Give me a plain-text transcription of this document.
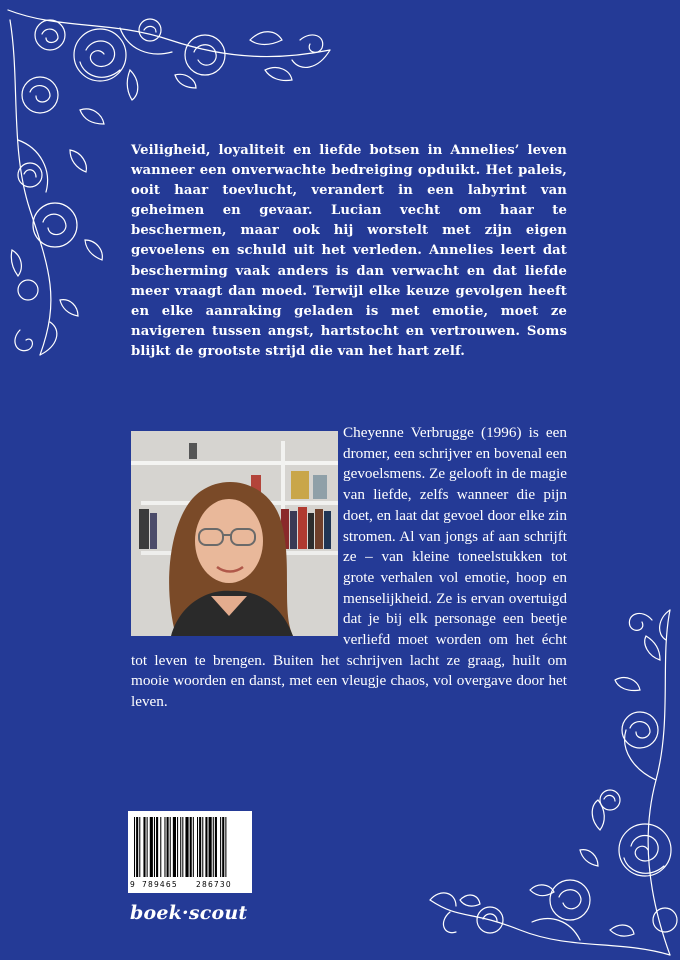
Veiligheid, loyaliteit en liefde botsen in Annelies’ leven wanneer een onverwachte bedreiging opduikt. Het paleis, ooit haar toevlucht, verandert in een labyrint van geheimen en gevaar. Lucian vecht om haar te beschermen, maar ook hij worstelt met zijn eigen gevoelens en schuld uit het verleden. Annelies leert dat bescherming vaak anders is dan verwacht en dat liefde meer vraagt dan moed. Terwijl elke keuze gevolgen heeft en elke aanraking geladen is met emotie, moet ze navigeren tussen angst, hartstocht en vertrouwen. Soms blijkt de grootste strijd die van het hart zelf.

Cheyenne Verbrugge (1996) is een dromer, een schrijver en bovenal een gevoelsmens. Ze gelooft in de magie van liefde, zelfs wanneer die pijn doet, en laat dat gevoel door elke zin stromen. Al van jongs af aan schrijft ze – van kleine toneelstukken tot grote verhalen vol emotie, hoop en menselijkheid. Ze is ervan overtuigd dat je bij elk personage een beetje verliefd moet worden om het écht tot leven te brengen. Buiten het schrijven lacht ze graag, huilt om mooie woorden en danst, met een vleugje chaos, vol overgave door het leven.

9 789465 286730
boek·scout
